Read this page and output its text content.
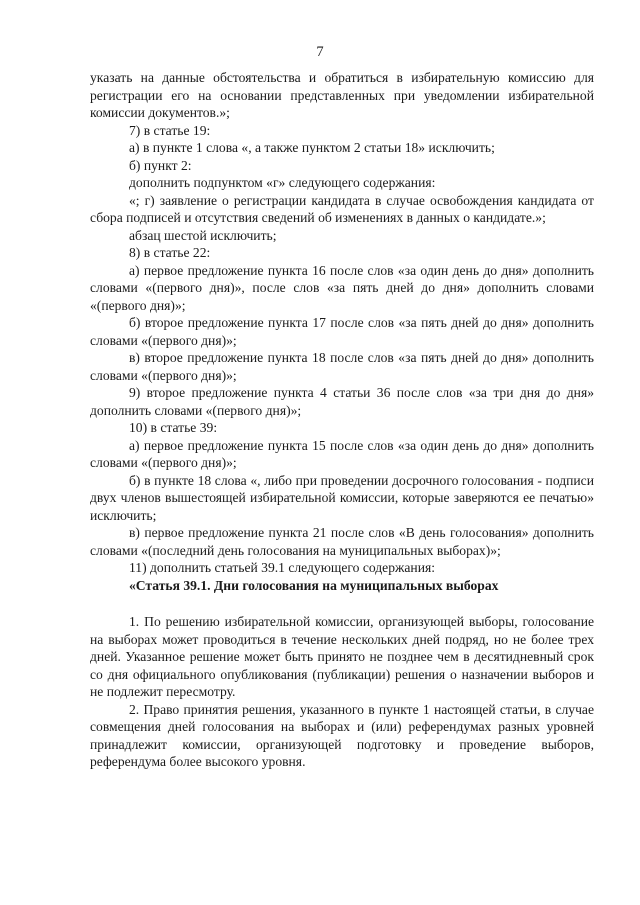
7

указать на данные обстоятельства и обратиться в избирательную комиссию для регистрации его на основании представленных при уведомлении избирательной комиссии документов.»;

7) в статье 19:

а) в пункте 1 слова «, а также пунктом 2 статьи 18» исключить;

б) пункт 2:

дополнить подпунктом «г» следующего содержания:

«; г) заявление о регистрации кандидата в случае освобождения кандидата от сбора подписей и отсутствия сведений об изменениях в данных о кандидате.»;

абзац шестой исключить;

8) в статье 22:

а) первое предложение пункта 16 после слов «за один день до дня» дополнить словами «(первого дня)», после слов «за пять дней до дня» дополнить словами «(первого дня)»;

б) второе предложение пункта 17 после слов «за пять дней до дня» дополнить словами «(первого дня)»;

в) второе предложение пункта 18 после слов «за пять дней до дня» дополнить словами «(первого дня)»;

9) второе предложение пункта 4 статьи 36 после слов «за три дня до дня» дополнить словами «(первого дня)»;

10) в статье 39:

а) первое предложение пункта 15 после слов «за один день до дня» дополнить словами «(первого дня)»;

б) в пункте 18 слова «, либо при проведении досрочного голосования - подписи двух членов вышестоящей избирательной комиссии, которые заверяются ее печатью» исключить;

в) первое предложение пункта 21 после слов «В день голосования» дополнить словами «(последний день голосования на муниципальных выборах)»;

11) дополнить статьей 39.1 следующего содержания:

«Статья 39.1. Дни голосования на муниципальных выборах

1. По решению избирательной комиссии, организующей выборы, голосование на выборах может проводиться в течение нескольких дней подряд, но не более трех дней. Указанное решение может быть принято не позднее чем в десятидневный срок со дня официального опубликования (публикации) решения о назначении выборов и не подлежит пересмотру.

2. Право принятия решения, указанного в пункте 1 настоящей статьи, в случае совмещения дней голосования на выборах и (или) референдумах разных уровней принадлежит комиссии, организующей подготовку и проведение выборов, референдума более высокого уровня.
